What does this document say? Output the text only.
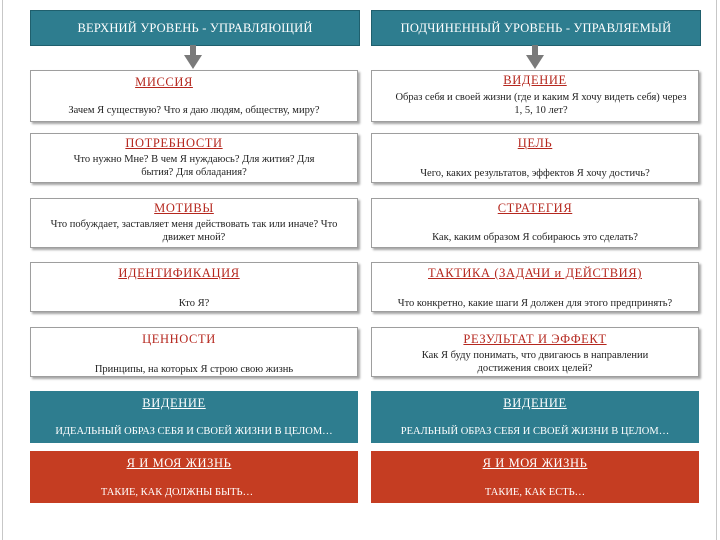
ВЕРХНИЙ УРОВЕНЬ - УПРАВЛЯЮЩИЙ	ПОДЧИНЕННЫЙ УРОВЕНЬ - УПРАВЛЯЕМЫЙ
МИССИЯ
Зачем Я существую? Что я даю людям, обществу, миру?
ПОТРЕБНОСТИ
Что нужно Мне? В чем Я нуждаюсь? Для жития? Для бытия? Для обладания?
МОТИВЫ
Что побуждает, заставляет меня действовать так или иначе? Что движет мной?
ИДЕНТИФИКАЦИЯ
Кто Я?
ЦЕННОСТИ
Принципы, на которых Я строю свою жизнь
ВИДЕНИЕ
ИДЕАЛЬНЫЙ ОБРАЗ СЕБЯ И СВОЕЙ ЖИЗНИ В ЦЕЛОМ…
Я И МОЯ ЖИЗНЬ
ТАКИЕ, КАК ДОЛЖНЫ БЫТЬ…
ВИДЕНИЕ
Образ себя и своей жизни (где и каким Я хочу видеть себя) через 1, 5, 10 лет?
ЦЕЛЬ
Чего, каких результатов, эффектов Я хочу достичь?
СТРАТЕГИЯ
Как, каким образом Я собираюсь это сделать?
ТАКТИКА (ЗАДАЧИ и ДЕЙСТВИЯ)
Что конкретно, какие шаги Я должен для этого предпринять?
РЕЗУЛЬТАТ И ЭФФЕКТ
Как Я буду понимать, что двигаюсь в направлении достижения своих целей?
ВИДЕНИЕ
РЕАЛЬНЫЙ ОБРАЗ СЕБЯ И СВОЕЙ ЖИЗНИ В ЦЕЛОМ…
Я И МОЯ ЖИЗНЬ
ТАКИЕ, КАК ЕСТЬ…
